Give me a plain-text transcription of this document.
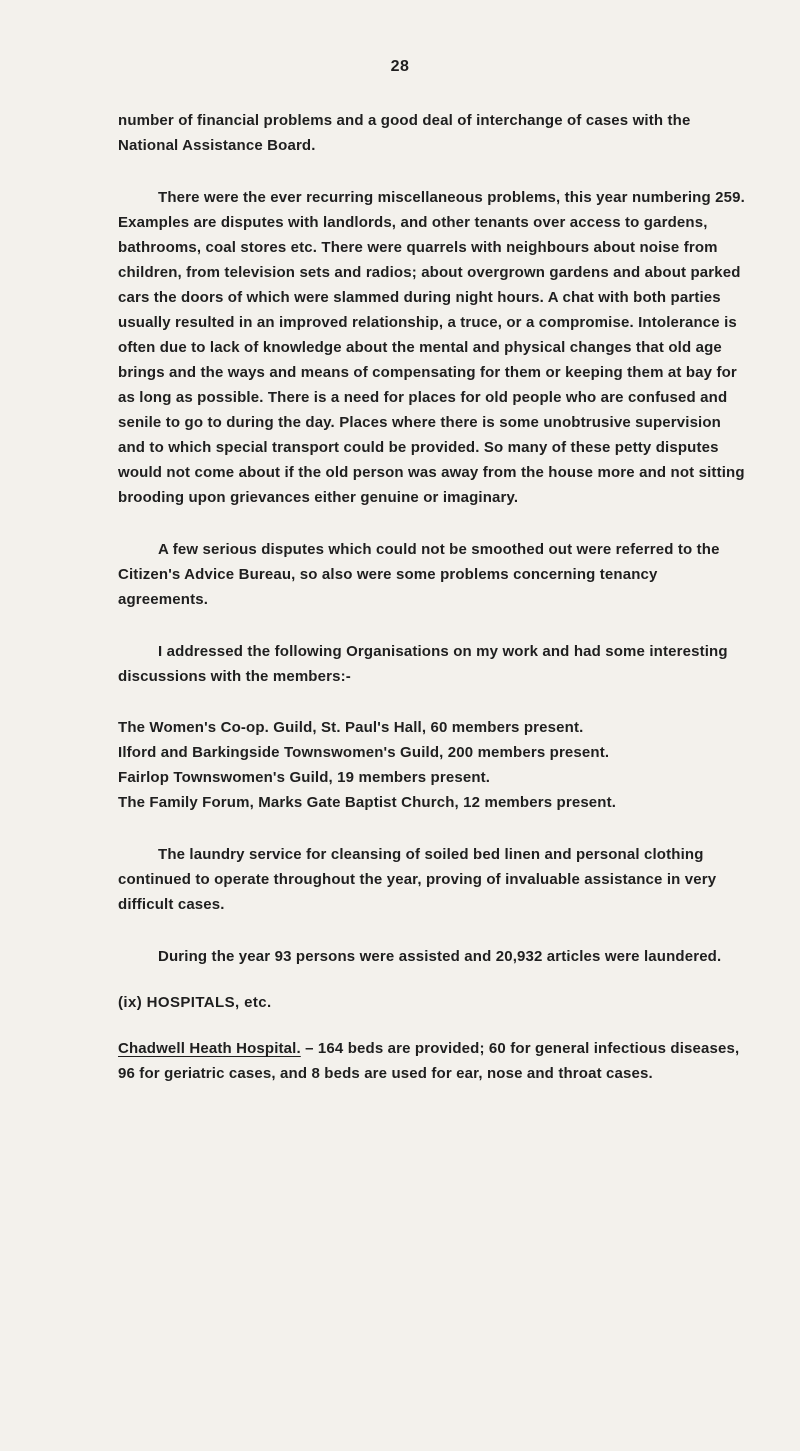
28

number of financial problems and a good deal of interchange of cases with the National Assistance Board.

There were the ever recurring miscellaneous problems, this year numbering 259. Examples are disputes with landlords, and other tenants over access to gardens, bathrooms, coal stores etc. There were quarrels with neighbours about noise from children, from television sets and radios; about overgrown gardens and about parked cars the doors of which were slammed during night hours. A chat with both parties usually resulted in an improved relationship, a truce, or a compromise. Intolerance is often due to lack of knowledge about the mental and physical changes that old age brings and the ways and means of compensating for them or keeping them at bay for as long as possible. There is a need for places for old people who are confused and senile to go to during the day. Places where there is some unobtrusive supervision and to which special transport could be provided. So many of these petty disputes would not come about if the old person was away from the house more and not sitting brooding upon grievances either genuine or imaginary.

A few serious disputes which could not be smoothed out were referred to the Citizen's Advice Bureau, so also were some problems concerning tenancy agreements.

I addressed the following Organisations on my work and had some interesting discussions with the members:-

The Women's Co-op. Guild, St. Paul's Hall, 60 members present.
Ilford and Barkingside Townswomen's Guild, 200 members present.
Fairlop Townswomen's Guild, 19 members present.
The Family Forum, Marks Gate Baptist Church, 12 members present.

The laundry service for cleansing of soiled bed linen and personal clothing continued to operate throughout the year, proving of invaluable assistance in very difficult cases.

During the year 93 persons were assisted and 20,932 articles were laundered.

(ix) HOSPITALS, etc.

Chadwell Heath Hospital. – 164 beds are provided; 60 for general infectious diseases, 96 for geriatric cases, and 8 beds are used for ear, nose and throat cases.
